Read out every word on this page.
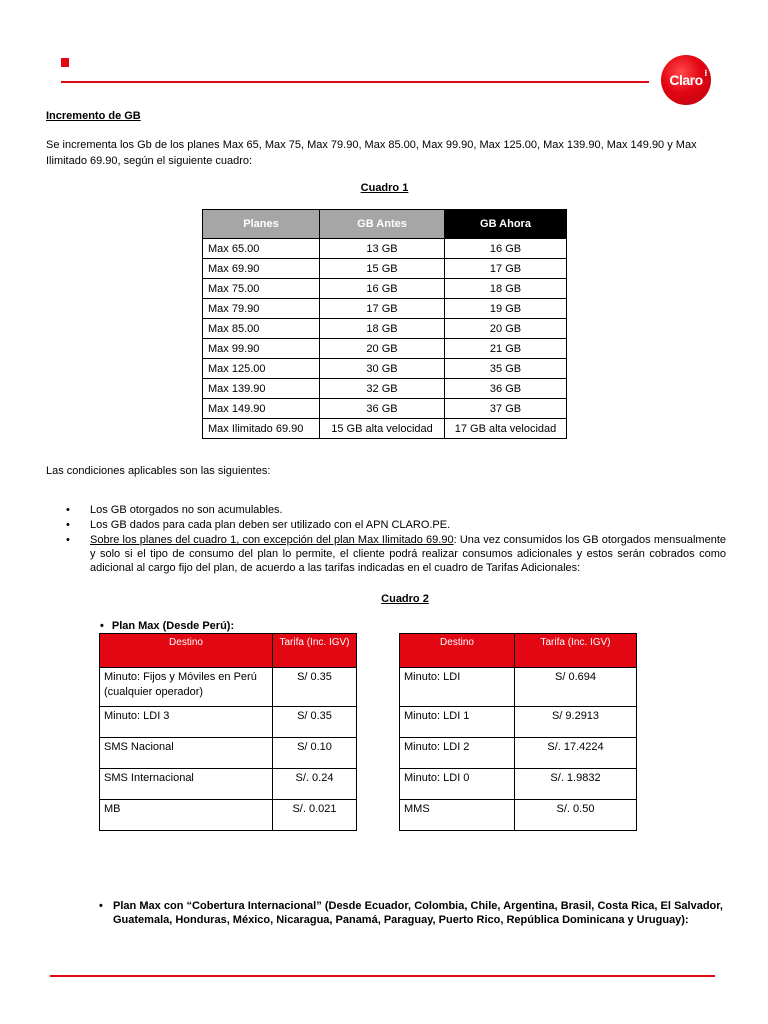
Claro ⁝
Incremento de GB
Se incrementa los Gb de los planes Max 65, Max 75, Max 79.90, Max 85.00, Max 99.90, Max 125.00, Max 139.90, Max 149.90 y Max Ilimitado 69.90, según el siguiente cuadro:
Cuadro 1
Planes	GB Antes	GB Ahora
Max 65.00	13 GB	16 GB
Max 69.90	15 GB	17 GB
Max 75.00	16 GB	18 GB
Max 79.90	17 GB	19 GB
Max 85.00	18 GB	20 GB
Max 99.90	20 GB	21 GB
Max 125.00	30 GB	35 GB
Max 139.90	32 GB	36 GB
Max 149.90	36 GB	37 GB
Max Ilimitado 69.90	15 GB alta velocidad	17 GB alta velocidad
Las condiciones aplicables son las siguientes:
• Los GB otorgados no son acumulables.
• Los GB dados para cada plan deben ser utilizado con el APN CLARO.PE.
• Sobre los planes del cuadro 1, con excepción del plan Max Ilimitado 69.90: Una vez consumidos los GB otorgados mensualmente y solo si el tipo de consumo del plan lo permite, el cliente podrá realizar consumos adicionales y estos serán cobrados como adicional al cargo fijo del plan, de acuerdo a las tarifas indicadas en el cuadro de Tarifas Adicionales:
Cuadro 2
• Plan Max (Desde Perú):
Destino	Tarifa (Inc. IGV)
Minuto: Fijos y Móviles en Perú (cualquier operador)	S/ 0.35
Minuto: LDI 3	S/ 0.35
SMS Nacional	S/ 0.10
SMS Internacional	S/. 0.24
MB	S/. 0.021
Destino	Tarifa (Inc. IGV)
Minuto: LDI	S/ 0.694
Minuto: LDI 1	S/ 9.2913
Minuto: LDI 2	S/. 17.4224
Minuto: LDI 0	S/. 1.9832
MMS	S/. 0.50
• Plan Max con “Cobertura Internacional” (Desde Ecuador, Colombia, Chile, Argentina, Brasil, Costa Rica, El Salvador, Guatemala, Honduras, México, Nicaragua, Panamá, Paraguay, Puerto Rico, República Dominicana y Uruguay):
